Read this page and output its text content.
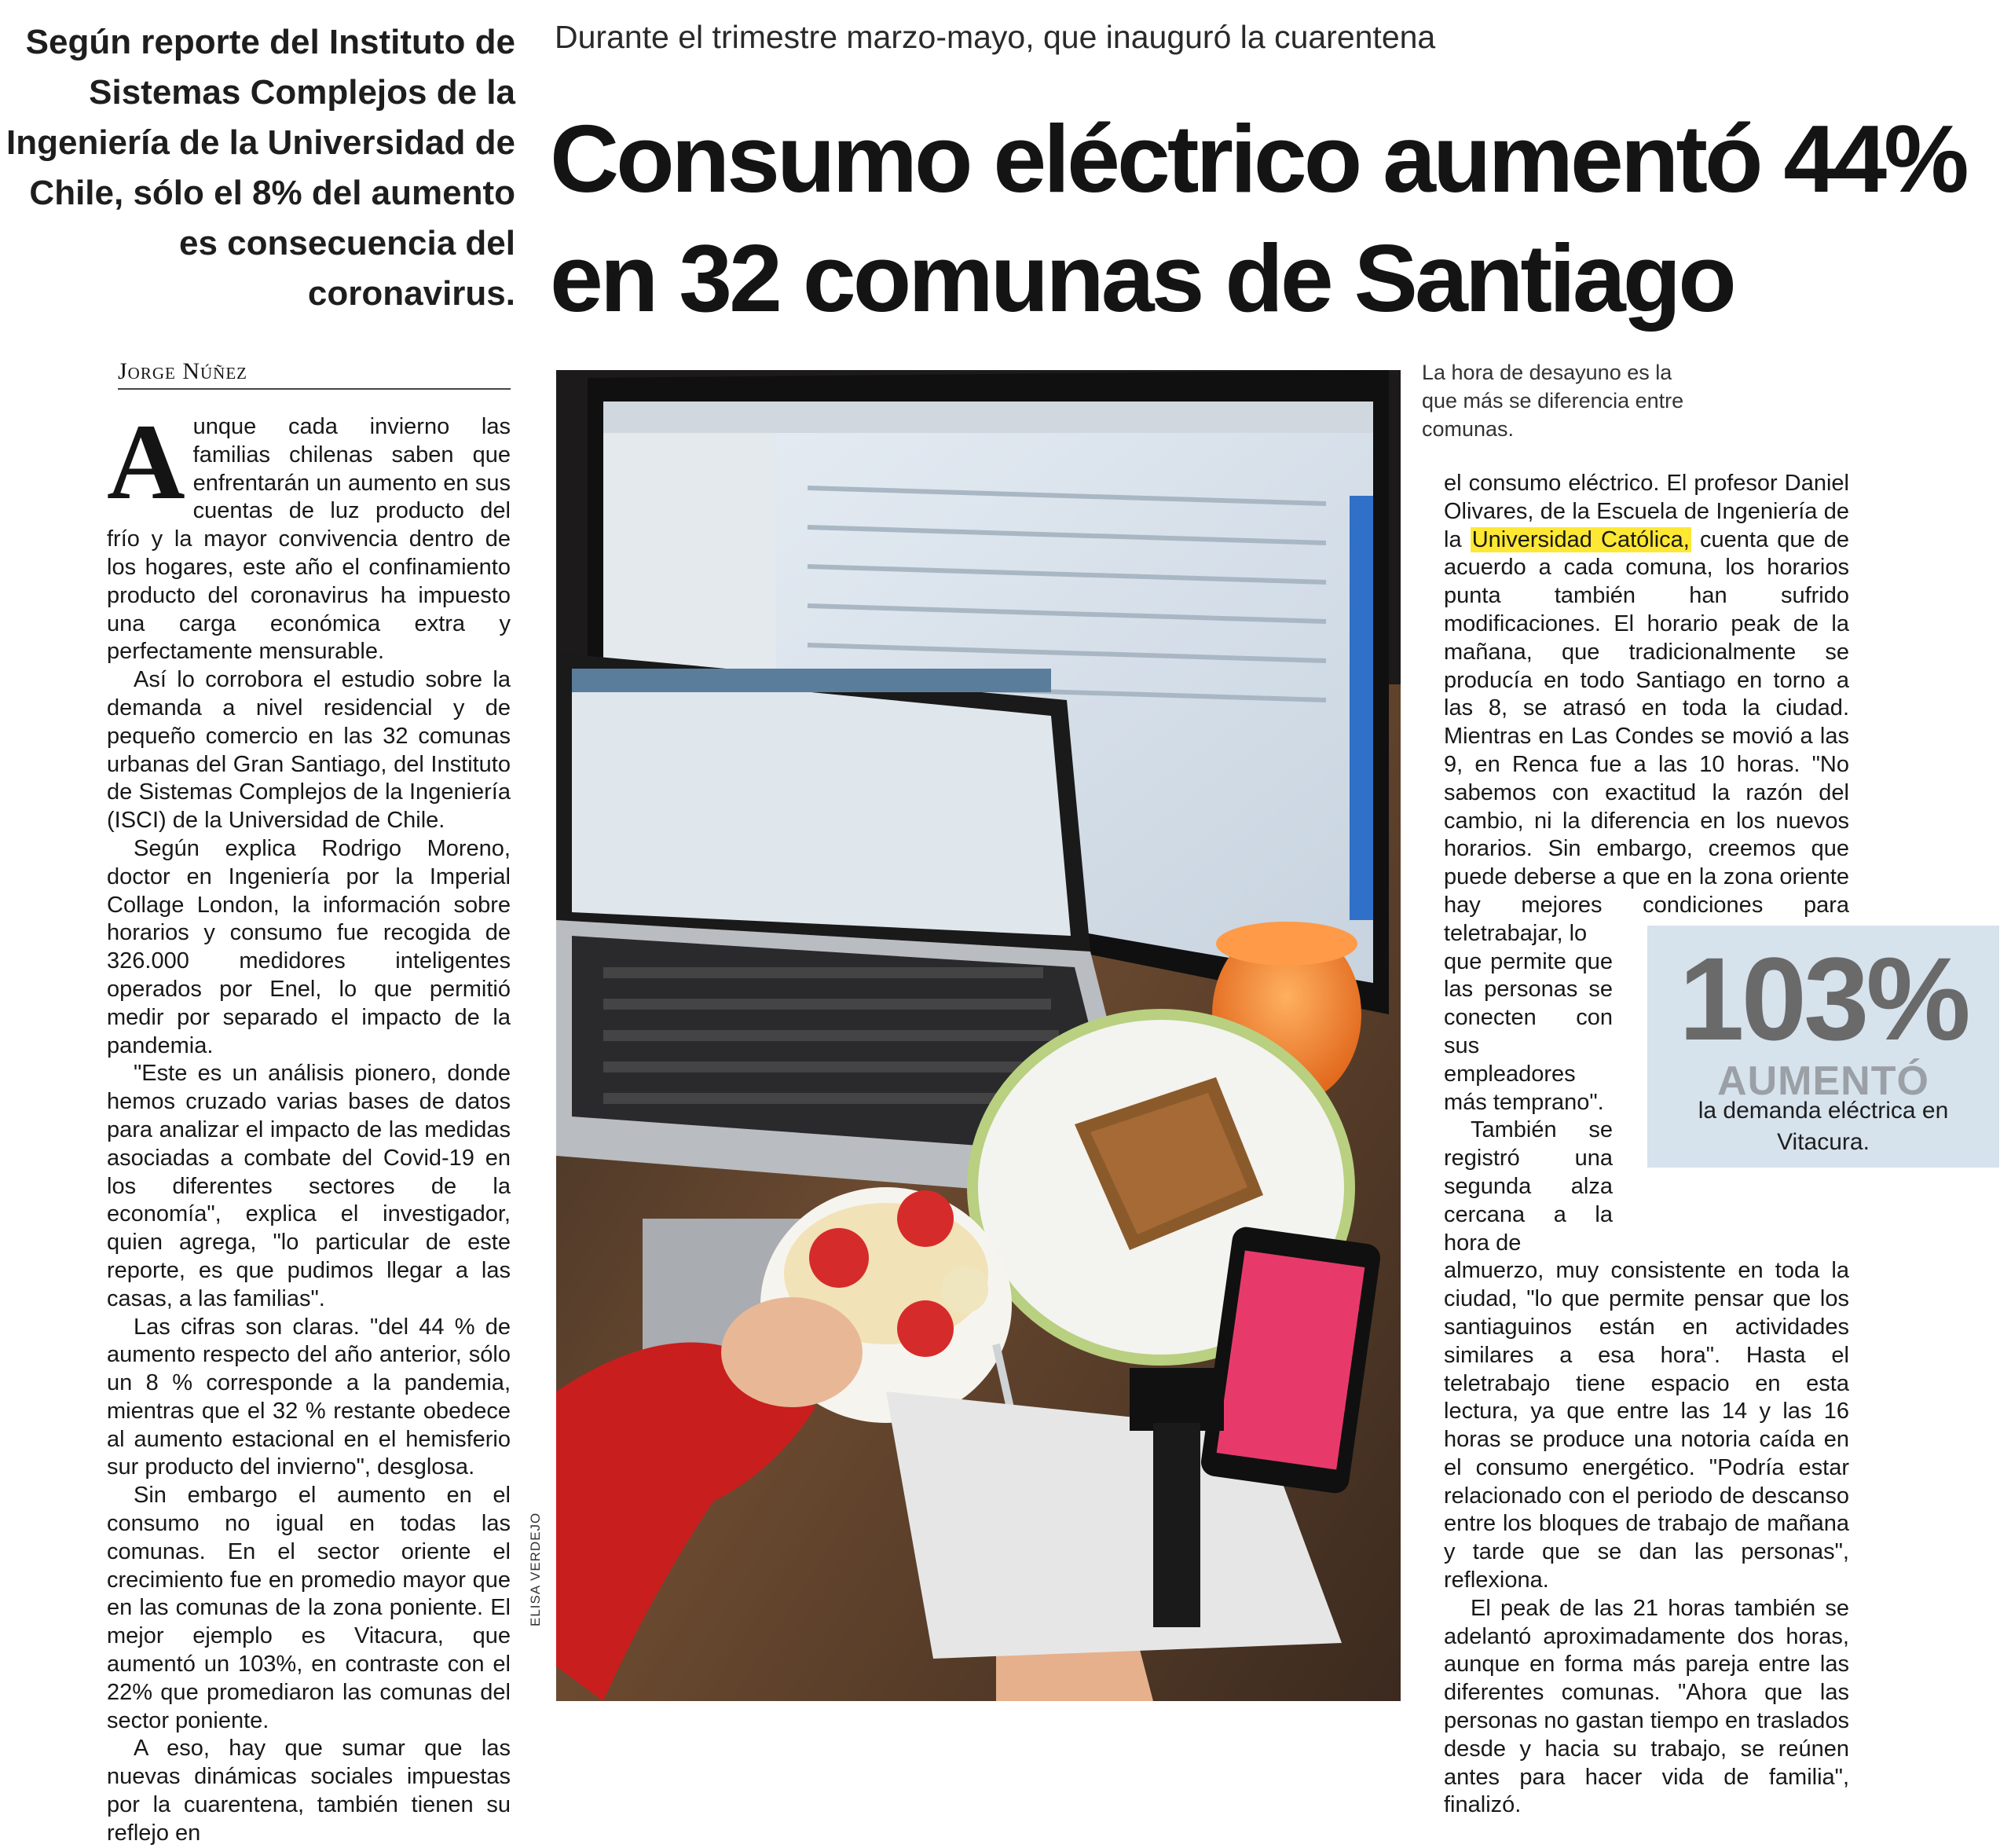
Según reporte del Instituto de Sistemas Complejos de la Ingeniería de la Universidad de Chile, sólo el 8% del aumento es consecuencia del coronavirus.
Durante el trimestre marzo-mayo, que inauguró la cuarentena
Consumo eléctrico aumentó 44%
en 32 comunas de Santiago
Jorge Núñez

Aunque cada invierno las familias chilenas saben que enfrentarán un aumento en sus cuentas de luz producto del frío y la mayor convivencia dentro de los hogares, este año el confinamiento producto del coronavirus ha impuesto una carga económica extra y perfectamente mensurable.

Así lo corrobora el estudio sobre la demanda a nivel residencial y de pequeño comercio en las 32 comunas urbanas del Gran Santiago, del Instituto de Sistemas Complejos de la Ingeniería (ISCI) de la Universidad de Chile.

Según explica Rodrigo Moreno, doctor en Ingeniería por la Imperial Collage London, la información sobre horarios y consumo fue recogida de 326.000 medidores inteligentes operados por Enel, lo que permitió medir por separado el impacto de la pandemia.

"Este es un análisis pionero, donde hemos cruzado varias bases de datos para analizar el impacto de las medidas asociadas a combate del Covid-19 en los diferentes sectores de la economía", explica el investigador, quien agrega, "lo particular de este reporte, es que pudimos llegar a las casas, a las familias".

Las cifras son claras. "del 44 % de aumento respecto del año anterior, sólo un 8 % corresponde a la pandemia, mientras que el 32 % restante obedece al aumento estacional en el hemisferio sur producto del invierno", desglosa.

Sin embargo el aumento en el consumo no igual en todas las comunas. En el sector oriente el crecimiento fue en promedio mayor que en las comunas de la zona poniente. El mejor ejemplo es Vitacura, que aumentó un 103%, en contraste con el 22% que promediaron las comunas del sector poniente.

A eso, hay que sumar que las nuevas dinámicas sociales impuestas por la cuarentena, también tienen su reflejo en

ELISA VERDEJO
La hora de desayuno es la que más se diferencia entre comunas.

el consumo eléctrico. El profesor Daniel Olivares, de la Escuela de Ingeniería de la Universidad Católica, cuenta que de acuerdo a cada comuna, los horarios punta también han sufrido modificaciones. El horario peak de la mañana, que tradicionalmente se producía en todo Santiago en torno a las 8, se atrasó en toda la ciudad. Mientras en Las Condes se movió a las 9, en Renca fue a las 10 horas. "No sabemos con exactitud la razón del cambio, ni la diferencia en los nuevos horarios. Sin embargo, creemos que puede deberse a que en la zona oriente hay mejores condiciones para teletrabajar, lo

que permite que las personas se conecten con sus empleadores más temprano".

También se registró una segunda alza cercana a la hora de

almuerzo, muy consistente en toda la ciudad, "lo que permite pensar que los santiaguinos están en actividades similares a esa hora". Hasta el teletrabajo tiene espacio en esta lectura, ya que entre las 14 y las 16 horas se produce una notoria caída en el consumo energético. "Podría estar relacionado con el periodo de descanso entre los bloques de trabajo de mañana y tarde que se dan las personas", reflexiona.

El peak de las 21 horas también se adelantó aproximadamente dos horas, aunque en forma más pareja entre las diferentes comunas. "Ahora que las personas no gastan tiempo en traslados desde y hacia su trabajo, se reúnen antes para hacer vida de familia", finalizó.

103%
AUMENTÓ
la demanda eléctrica en Vitacura.
